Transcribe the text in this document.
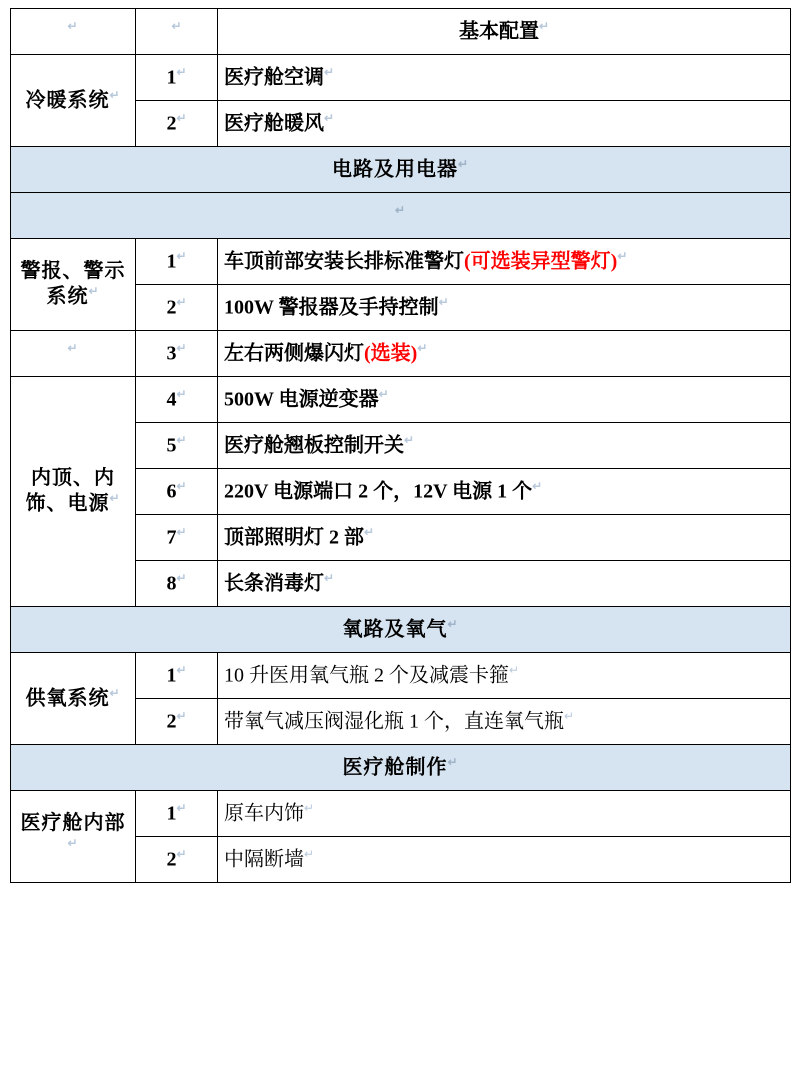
↵	↵	基本配置↵
冷暖系统↵	1↵	医疗舱空调↵
	2↵	医疗舱暖风↵
电路及用电器↵
↵
警报、警示系统↵	1↵	车顶前部安装长排标准警灯(可选装异型警灯)↵
	2↵	100W 警报器及手持控制↵
↵	3↵	左右两侧爆闪灯(选装)↵
内顶、内饰、电源↵	4↵	500W 电源逆变器↵
	5↵	医疗舱翘板控制开关↵
	6↵	220V 电源端口 2 个，12V 电源 1 个↵
	7↵	顶部照明灯 2 部↵
	8↵	长条消毒灯↵
氧路及氧气↵
供氧系统↵	1↵	10 升医用氧气瓶 2 个及减震卡箍↵
	2↵	带氧气减压阀湿化瓶 1 个，直连氧气瓶↵
医疗舱制作↵
医疗舱内部↵	1↵	原车内饰↵
	2↵	中隔断墙↵
